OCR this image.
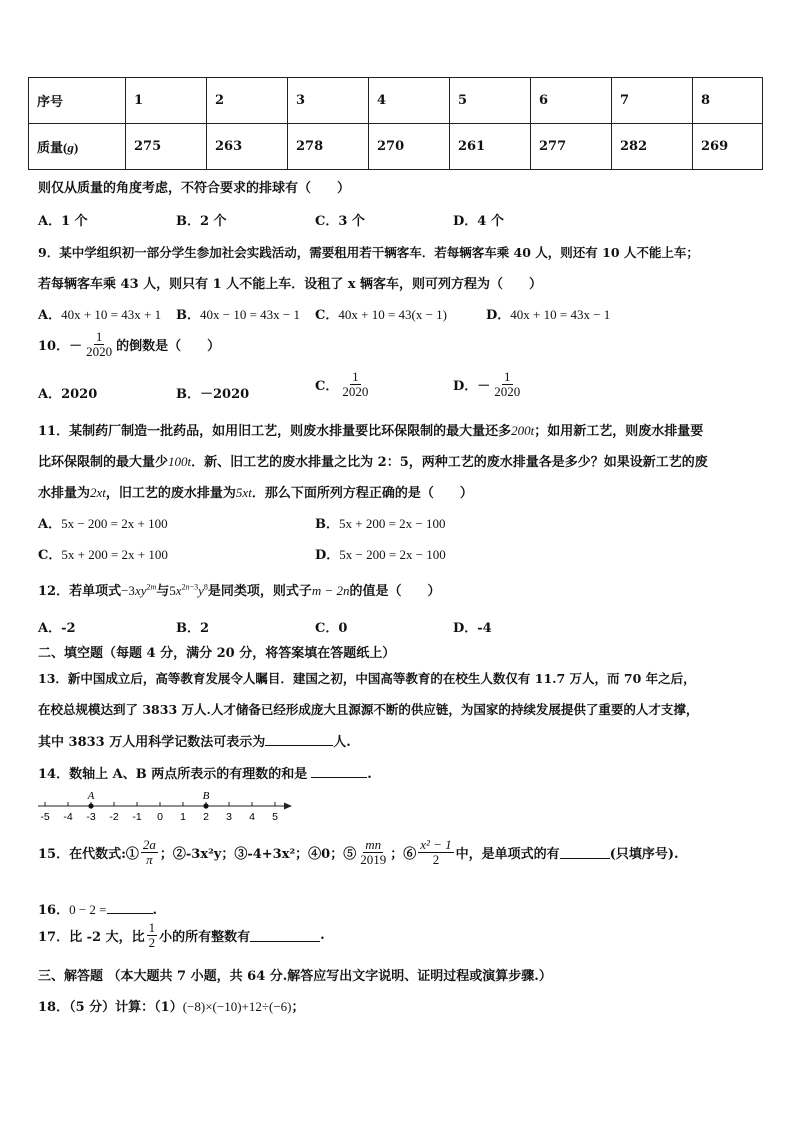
序号	1	2	3	4	5	6	7	8
质量(g)	275	263	278	270	261	277	282	269
则仅从质量的角度考虑，不符合要求的排球有（　　）
A．1 个	B．2 个	C．3 个	D．4 个
9．某中学组织初一部分学生参加社会实践活动，需要租用若干辆客车．若每辆客车乘 40 人，则还有 10 人不能上车；
若每辆客车乘 43 人，则只有 1 人不能上车．设租了 x 辆客车，则可列方程为（　　）
A．40x + 10 = 43x + 1 B．40x − 10 = 43x − 1 C．40x + 10 = 43(x − 1)	D．40x + 10 = 43x − 1
10． － $\frac{1}{2020}$ 的倒数是（　　）
A．2020	B．－2020
C． $\frac{1}{2020}$	D． － $\frac{1}{2020}$
11．某制药厂制造一批药品，如用旧工艺，则废水排量要比环保限制的最大量还多200t；如用新工艺，则废水排量要
比环保限制的最大量少100t．新、旧工艺的废水排量之比为 2：5，两种工艺的废水排量各是多少？如果设新工艺的废
水排量为2xt，旧工艺的废水排量为5xt．那么下面所列方程正确的是（　　）
A．5x − 200 = 2x + 100	B．5x + 200 = 2x − 100
C．5x + 200 = 2x + 100	D．5x − 200 = 2x − 100
12．若单项式$-3xy^{2m}$与$5x^{2n-3}y^8$是同类项，则式子m − 2n的值是（　　）
A．-2	B．2	C．0	D．-4
二、填空题（每题 4 分，满分 20 分，将答案填在答题纸上）
13．新中国成立后，高等教育发展令人瞩目．建国之初，中国高等教育的在校生人数仅有 11.7 万人，而 70 年之后，
在校总规模达到了 3833 万人.人才储备已经形成庞大且源源不断的供应链，为国家的持续发展提供了重要的人才支撑，
其中 3833 万人用科学记数法可表示为	人.
14．数轴上 A、B 两点所表示的有理数的和是	.
-5 -4 -3 -2 -1 0 1 2 3 4 5
A	B
15．在代数式:① $\frac{2a}{\pi}$ ；②-3x²y；③-4+3x²；④0；⑤ $\frac{mn}{2019}$ ；⑥ $\frac{\text{x² − 1}}{2}$ 中，是单项式的有	(只填序号).
16．0 − 2 =	.
17．比 -2 大，比 $\frac{1}{2}$ 小的所有整数有	.
三、解答题 （本大题共 7 小题，共 64 分.解答应写出文字说明、证明过程或演算步骤.）
18．（5 分）计算：（1）(−8)×(−10)+12÷(−6)；
